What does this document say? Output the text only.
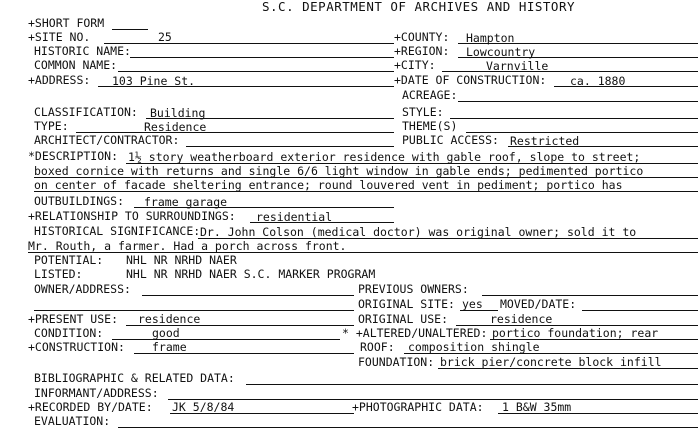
S.C. DEPARTMENT OF ARCHIVES AND HISTORY
+SHORT FORM
+SITE NO.	25	+COUNTY: Hampton
HISTORIC NAME:	+REGION: Lowcountry
COMMON NAME:	+CITY:	Varnville
+ADDRESS: 103 Pine St.	+DATE OF CONSTRUCTION: ca. 1880
ACREAGE:
CLASSIFICATION: Building	STYLE:
TYPE:	Residence	THEME(S)
ARCHITECT/CONTRACTOR:	PUBLIC ACCESS: Restricted
*DESCRIPTION: 1½ story weatherboard exterior residence with gable roof, slope to street;
boxed cornice with returns and single 6/6 light window in gable ends; pedimented portico
on center of facade sheltering entrance; round louvered vent in pediment; portico has
OUTBUILDINGS: frame garage
+RELATIONSHIP TO SURROUNDINGS: residential
HISTORICAL SIGNIFICANCE: Dr. John Colson (medical doctor) was original owner; sold it to
Mr. Routh, a farmer. Had a porch across front.
POTENTIAL: NHL NR NRHD NAER
LISTED:	NHL NR NRHD NAER S.C. MARKER PROGRAM
OWNER/ADDRESS:	PREVIOUS OWNERS:
ORIGINAL SITE: yes MOVED/DATE:
+PRESENT USE: residence	ORIGINAL USE:	residence
CONDITION:	good	* +ALTERED/UNALTERED: portico foundation; rear
+CONSTRUCTION: frame	ROOF: composition shingle
FOUNDATION: brick pier/concrete block infill
BIBLIOGRAPHIC & RELATED DATA:
INFORMANT/ADDRESS:
+RECORDED BY/DATE: JK 5/8/84	+PHOTOGRAPHIC DATA: 1 B&W 35mm
EVALUATION:
